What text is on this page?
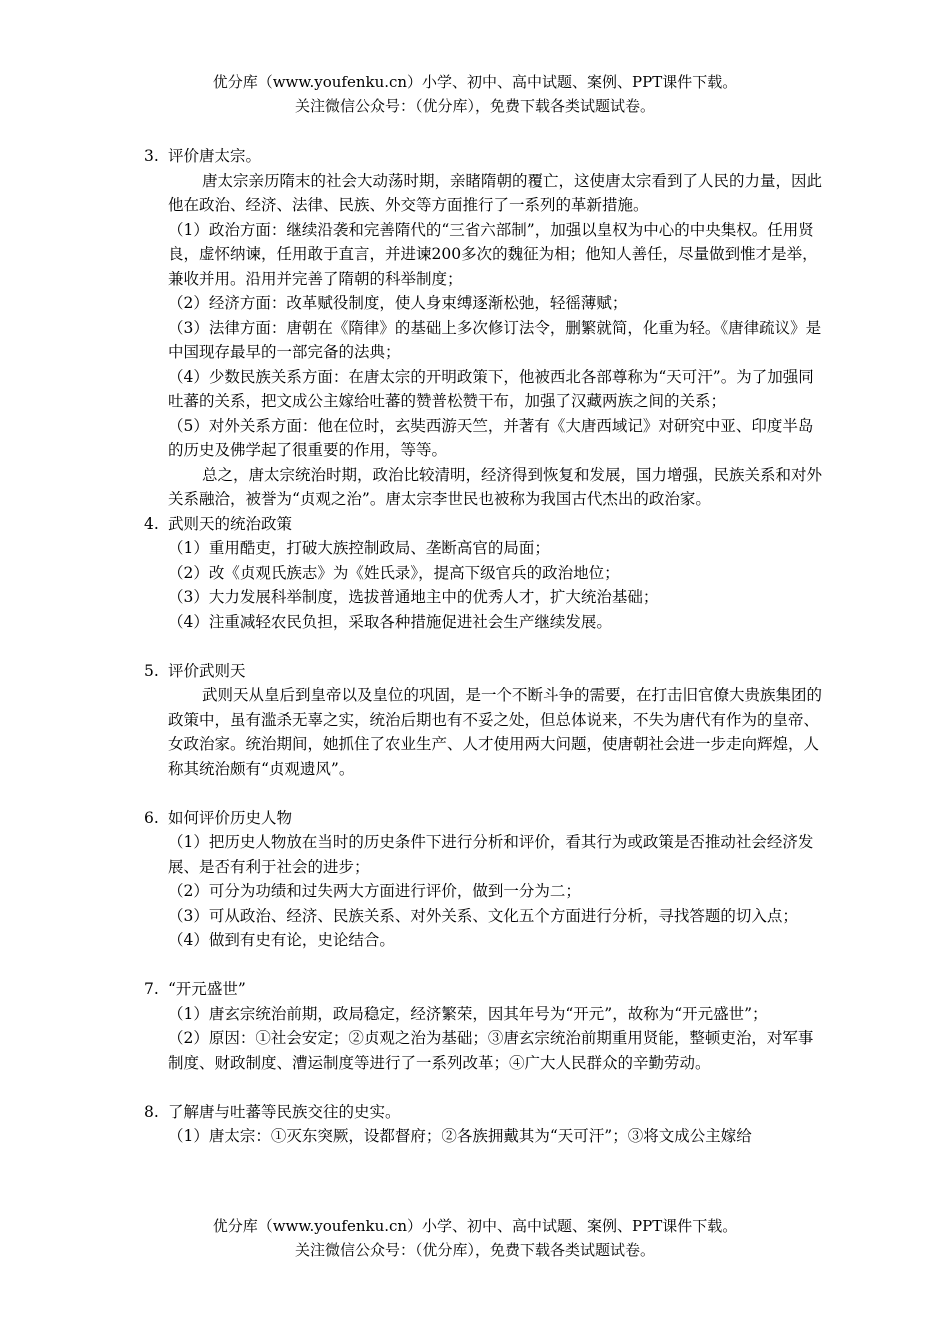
优分库（www.youfenku.cn）小学、初中、高中试题、案例、PPT课件下载。
关注微信公众号：（优分库），免费下载各类试题试卷。
3. 评价唐太宗。

唐太宗亲历隋末的社会大动荡时期，亲睹隋朝的覆亡，这使唐太宗看到了人民的力量，因此他在政治、经济、法律、民族、外交等方面推行了一系列的革新措施。

（1）政治方面：继续沿袭和完善隋代的“三省六部制”，加强以皇权为中心的中央集权。任用贤良，虚怀纳谏，任用敢于直言，并进谏200多次的魏征为相；他知人善任，尽量做到惟才是举，兼收并用。沿用并完善了隋朝的科举制度；

（2）经济方面：改革赋役制度，使人身束缚逐渐松弛，轻徭薄赋；

（3）法律方面：唐朝在《隋律》的基础上多次修订法令，删繁就简，化重为轻。《唐律疏议》是中国现存最早的一部完备的法典；

（4）少数民族关系方面：在唐太宗的开明政策下，他被西北各部尊称为“天可汗”。为了加强同吐蕃的关系，把文成公主嫁给吐蕃的赞普松赞干布，加强了汉藏两族之间的关系；

（5）对外关系方面：他在位时，玄奘西游天竺，并著有《大唐西域记》对研究中亚、印度半岛的历史及佛学起了很重要的作用，等等。

总之，唐太宗统治时期，政治比较清明，经济得到恢复和发展，国力增强，民族关系和对外关系融洽，被誉为“贞观之治”。唐太宗李世民也被称为我国古代杰出的政治家。

4. 武则天的统治政策

（1）重用酷吏，打破大族控制政局、垄断高官的局面；

（2）改《贞观氏族志》为《姓氏录》，提高下级官兵的政治地位；

（3）大力发展科举制度，选拔普通地主中的优秀人才，扩大统治基础；

（4）注重减轻农民负担，采取各种措施促进社会生产继续发展。

5. 评价武则天

武则天从皇后到皇帝以及皇位的巩固，是一个不断斗争的需要，在打击旧官僚大贵族集团的政策中，虽有滥杀无辜之实，统治后期也有不妥之处，但总体说来，不失为唐代有作为的皇帝、女政治家。统治期间，她抓住了农业生产、人才使用两大问题，使唐朝社会进一步走向辉煌，人称其统治颇有“贞观遗风”。

6. 如何评价历史人物

（1）把历史人物放在当时的历史条件下进行分析和评价，看其行为或政策是否推动社会经济发展、是否有利于社会的进步；

（2）可分为功绩和过失两大方面进行评价，做到一分为二；

（3）可从政治、经济、民族关系、对外关系、文化五个方面进行分析，寻找答题的切入点；

（4）做到有史有论，史论结合。

7. “开元盛世”

（1）唐玄宗统治前期，政局稳定，经济繁荣，因其年号为“开元”，故称为“开元盛世”；

（2）原因：①社会安定；②贞观之治为基础；③唐玄宗统治前期重用贤能，整顿吏治，对军事制度、财政制度、漕运制度等进行了一系列改革；④广大人民群众的辛勤劳动。

8. 了解唐与吐蕃等民族交往的史实。

（1）唐太宗：①灭东突厥，设都督府；②各族拥戴其为“天可汗”；③将文成公主嫁给

优分库（www.youfenku.cn）小学、初中、高中试题、案例、PPT课件下载。
关注微信公众号：（优分库），免费下载各类试题试卷。
